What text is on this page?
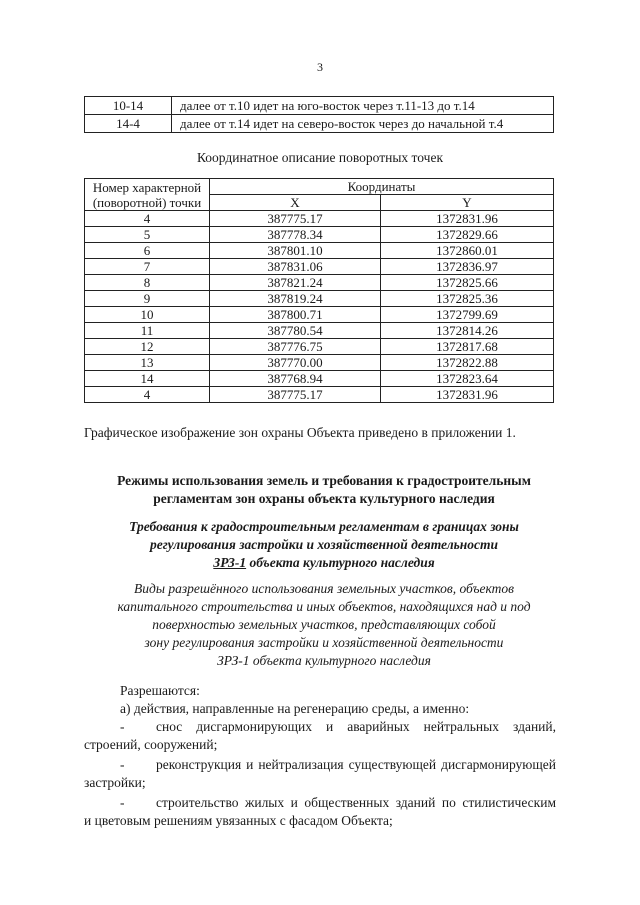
3
10-14	далее от т.10 идет на юго-восток через т.11-13 до т.14
14-4	далее от т.14 идет на северо-восток через до начальной т.4
Координатное описание поворотных точек
Номер характерной (поворотной) точки	Координаты	
	X	Y
4	387775.17	1372831.96
5	387778.34	1372829.66
6	387801.10	1372860.01
7	387831.06	1372836.97
8	387821.24	1372825.66
9	387819.24	1372825.36
10	387800.71	1372799.69
11	387780.54	1372814.26
12	387776.75	1372817.68
13	387770.00	1372822.88
14	387768.94	1372823.64
4	387775.17	1372831.96
Графическое изображение зон охраны Объекта приведено в приложении 1.
Режимы использования земель и требования к градостроительным
регламентам зон охраны объекта культурного наследия
Требования к градостроительным регламентам в границах зоны
регулирования застройки и хозяйственной деятельности
ЗРЗ-1 объекта культурного наследия
Виды разрешённого использования земельных участков, объектов
капитального строительства и иных объектов, находящихся над и под
поверхностью земельных участков, представляющих собой
зону регулирования застройки и хозяйственной деятельности
ЗРЗ-1 объекта культурного наследия
Разрешаются:
а) действия, направленные на регенерацию среды, а именно:
- снос дисгармонирующих и аварийных нейтральных зданий,
строений, сооружений;
- реконструкция и нейтрализация существующей дисгармонирующей
застройки;
- строительство жилых и общественных зданий по стилистическим
и цветовым решениям увязанных с фасадом Объекта;
